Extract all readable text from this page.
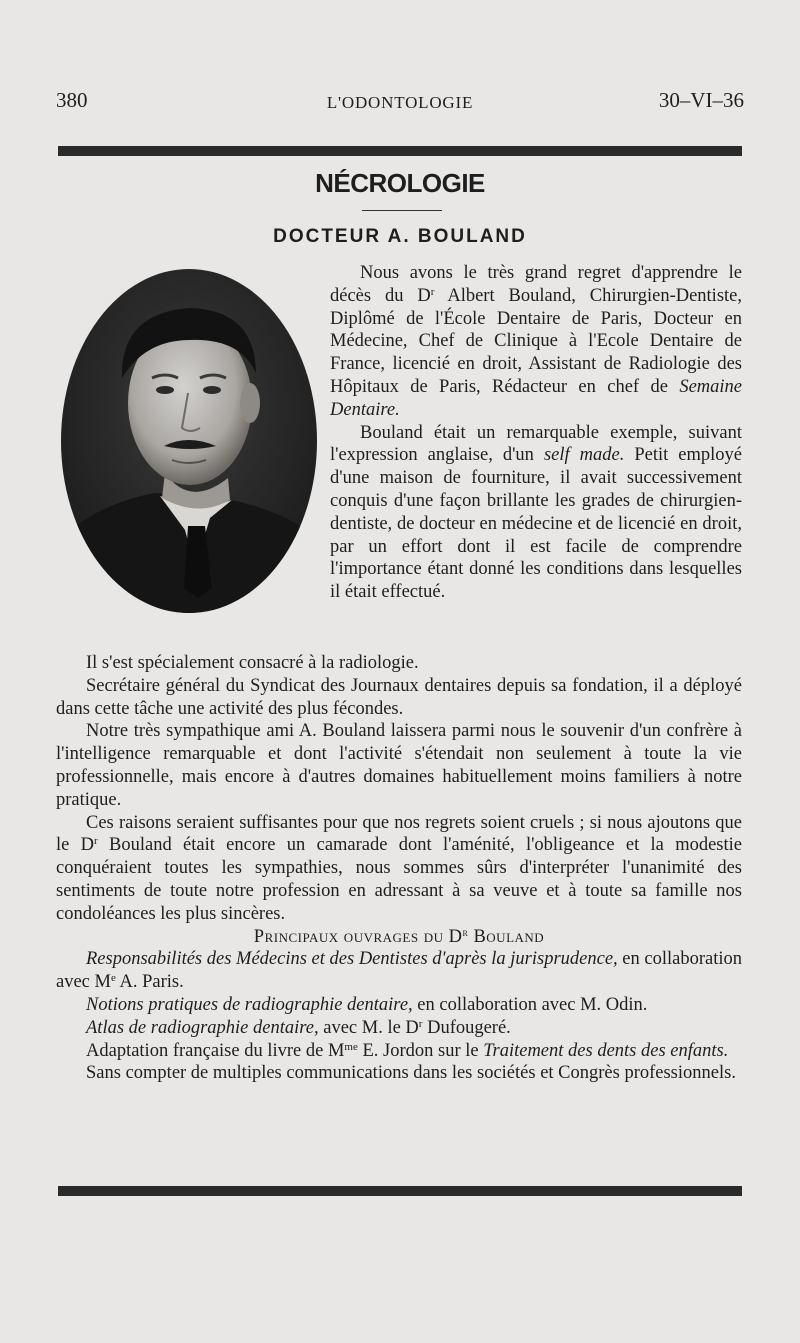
380	L'ODONTOLOGIE	30–VI–36
NÉCROLOGIE
DOCTEUR A. BOULAND

Nous avons le très grand regret d'apprendre le décès du $D^r$ Albert Bouland, Chirurgien-Dentiste, Diplômé de l'École Dentaire de Paris, Docteur en Médecine, Chef de Clinique à l'Ecole Dentaire de France, licencié en droit, Assistant de Radiologie des Hôpitaux de Paris, Rédacteur en chef de Semaine Dentaire.

Bouland était un remarquable exemple, suivant l'expression anglaise, d'un self made. Petit employé d'une maison de fourniture, il avait successivement conquis d'une façon brillante les grades de chirurgien-dentiste, de docteur en médecine et de licencié en droit, par un effort dont il est facile de comprendre l'importance étant donné les conditions dans lesquelles il était effectué.

Il s'est spécialement consacré à la radiologie.

Secrétaire général du Syndicat des Journaux dentaires depuis sa fondation, il a déployé dans cette tâche une activité des plus fécondes.

Notre très sympathique ami A. Bouland laissera parmi nous le souvenir d'un confrère à l'intelligence remarquable et dont l'activité s'étendait non seulement à toute la vie professionnelle, mais encore à d'autres domaines habituellement moins familiers à notre pratique.

Ces raisons seraient suffisantes pour que nos regrets soient cruels ; si nous ajoutons que le $D^r$ Bouland était encore un camarade dont l'aménité, l'obligeance et la modestie conquéraient toutes les sympathies, nous sommes sûrs d'interpréter l'unanimité des sentiments de toute notre profession en adressant à sa veuve et à toute sa famille nos condoléances les plus sincères.

Principaux ouvrages du $D^r$ Bouland

Responsabilités des Médecins et des Dentistes d'après la jurisprudence, en collaboration avec Me A. Paris.

Notions pratiques de radiographie dentaire, en collaboration avec M. Odin.

Atlas de radiographie dentaire, avec M. le $D^r$ Dufougeré.

Adaptation française du livre de $M^{me}$ E. Jordon sur le Traitement des dents des enfants.

Sans compter de multiples communications dans les sociétés et Congrès professionnels.
